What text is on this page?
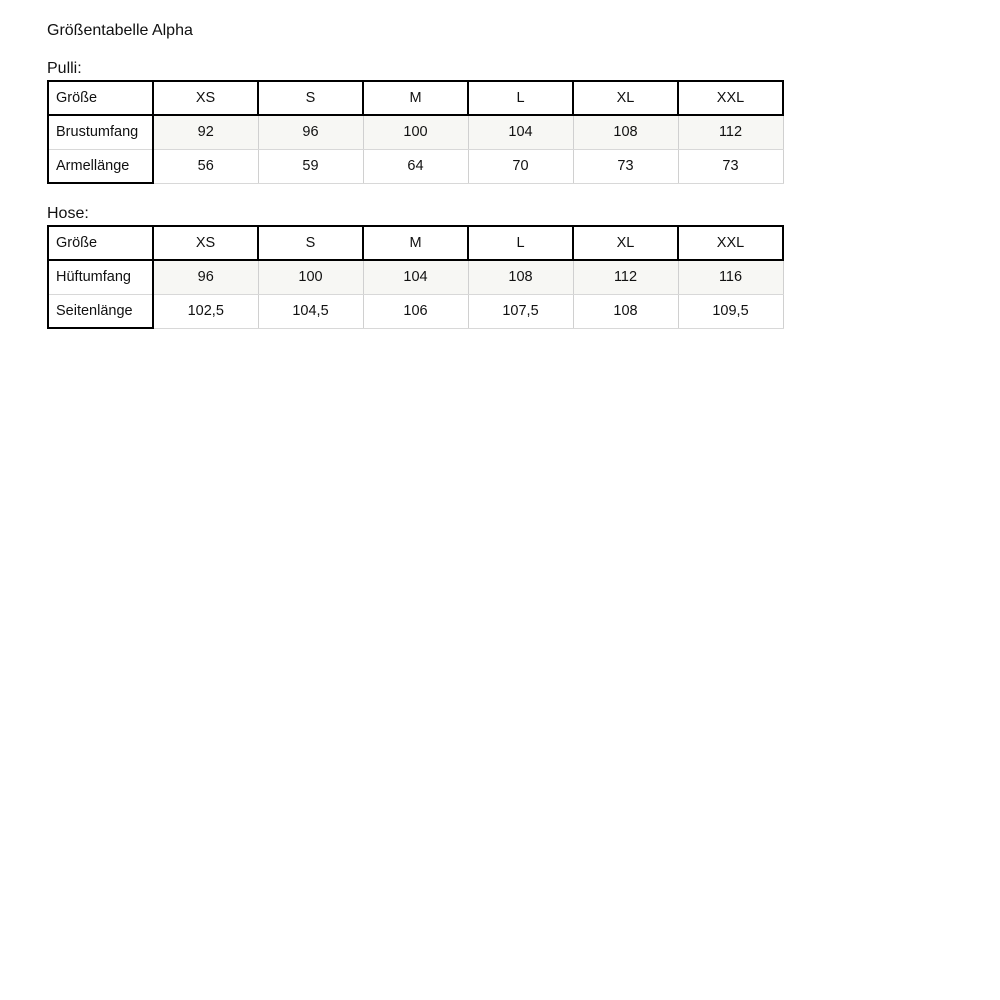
Größentabelle Alpha
Pulli:
Größe	XS	S	M	L	XL	XXL
Brustumfang	92	96	100	104	108	112
Armellänge	56	59	64	70	73	73
Hose:
Größe	XS	S	M	L	XL	XXL
Hüftumfang	96	100	104	108	112	116
Seitenlänge	102,5	104,5	106	107,5	108	109,5
